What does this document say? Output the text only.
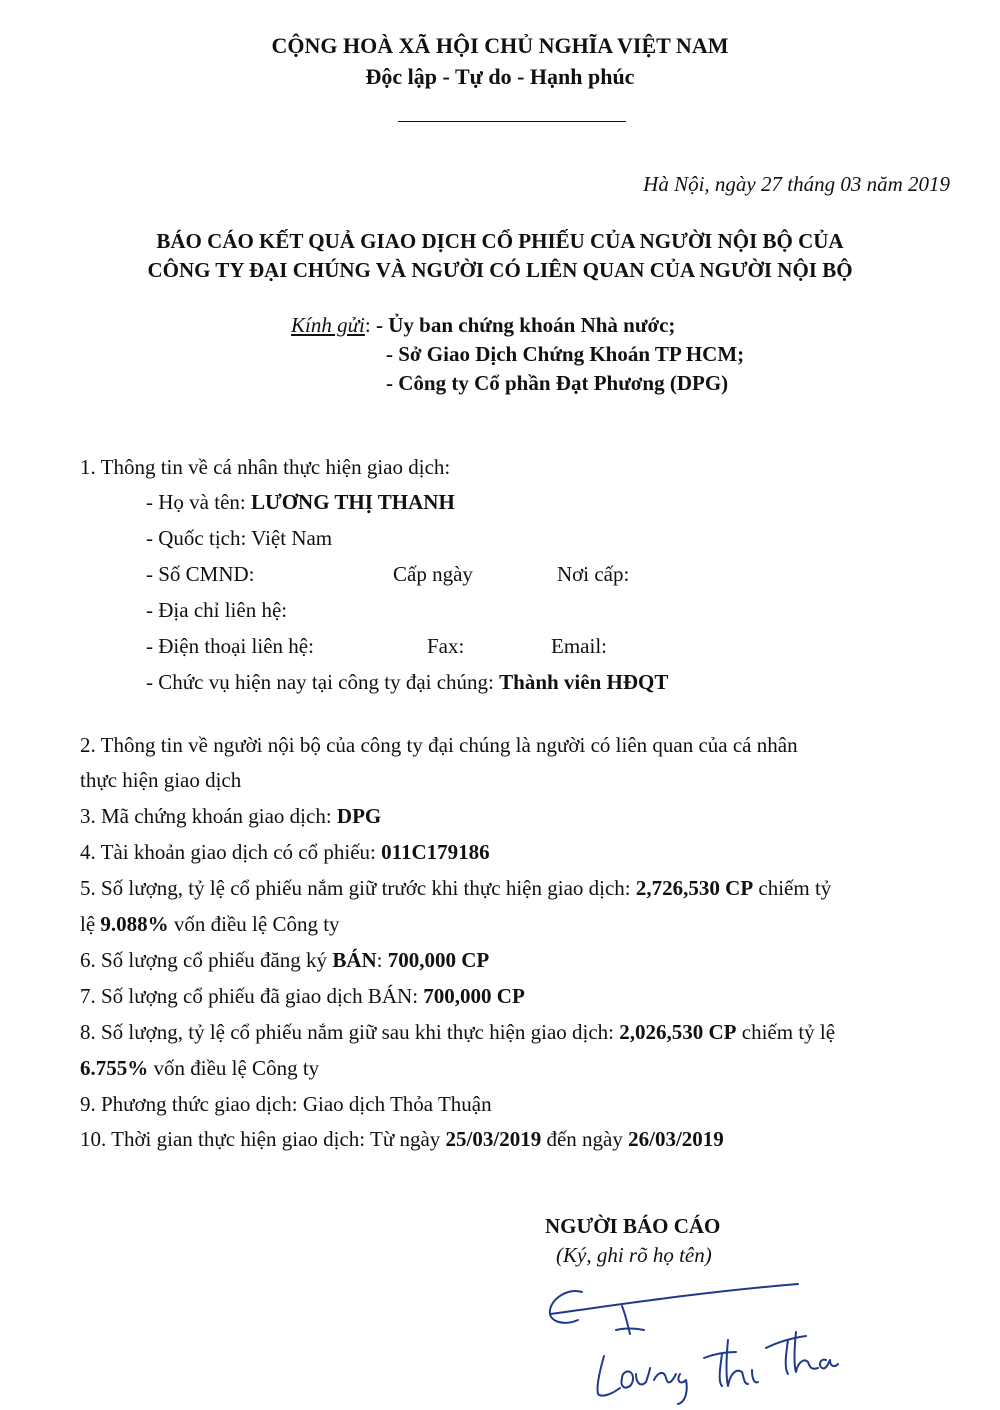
CỘNG HOÀ XÃ HỘI CHỦ NGHĨA VIỆT NAM
Độc lập - Tự do - Hạnh phúc
Hà Nội, ngày 27 tháng 03 năm 2019
BÁO CÁO KẾT QUẢ GIAO DỊCH CỔ PHIẾU CỦA NGƯỜI NỘI BỘ CỦA
CÔNG TY ĐẠI CHÚNG VÀ NGƯỜI CÓ LIÊN QUAN CỦA NGƯỜI NỘI BỘ
Kính gửi: - Ủy ban chứng khoán Nhà nước;
- Sở Giao Dịch Chứng Khoán TP HCM;
- Công ty Cổ phần Đạt Phương (DPG)
1. Thông tin về cá nhân thực hiện giao dịch:
- Họ và tên: LƯƠNG THỊ THANH
- Quốc tịch: Việt Nam
- Số CMND:	Cấp ngày	Nơi cấp:
- Địa chỉ liên hệ:
- Điện thoại liên hệ:	Fax:	Email:
- Chức vụ hiện nay tại công ty đại chúng: Thành viên HĐQT
2. Thông tin về người nội bộ của công ty đại chúng là người có liên quan của cá nhân
thực hiện giao dịch
3. Mã chứng khoán giao dịch: DPG
4. Tài khoản giao dịch có cổ phiếu: 011C179186
5. Số lượng, tỷ lệ cổ phiếu nắm giữ trước khi thực hiện giao dịch: 2,726,530 CP chiếm tỷ
lệ 9.088% vốn điều lệ Công ty
6. Số lượng cổ phiếu đăng ký BÁN: 700,000 CP
7. Số lượng cổ phiếu đã giao dịch BÁN: 700,000 CP
8. Số lượng, tỷ lệ cổ phiếu nắm giữ sau khi thực hiện giao dịch: 2,026,530 CP chiếm tỷ lệ
6.755% vốn điều lệ Công ty
9. Phương thức giao dịch: Giao dịch Thỏa Thuận
10. Thời gian thực hiện giao dịch: Từ ngày 25/03/2019 đến ngày 26/03/2019
NGƯỜI BÁO CÁO
(Ký, ghi rõ họ tên)
